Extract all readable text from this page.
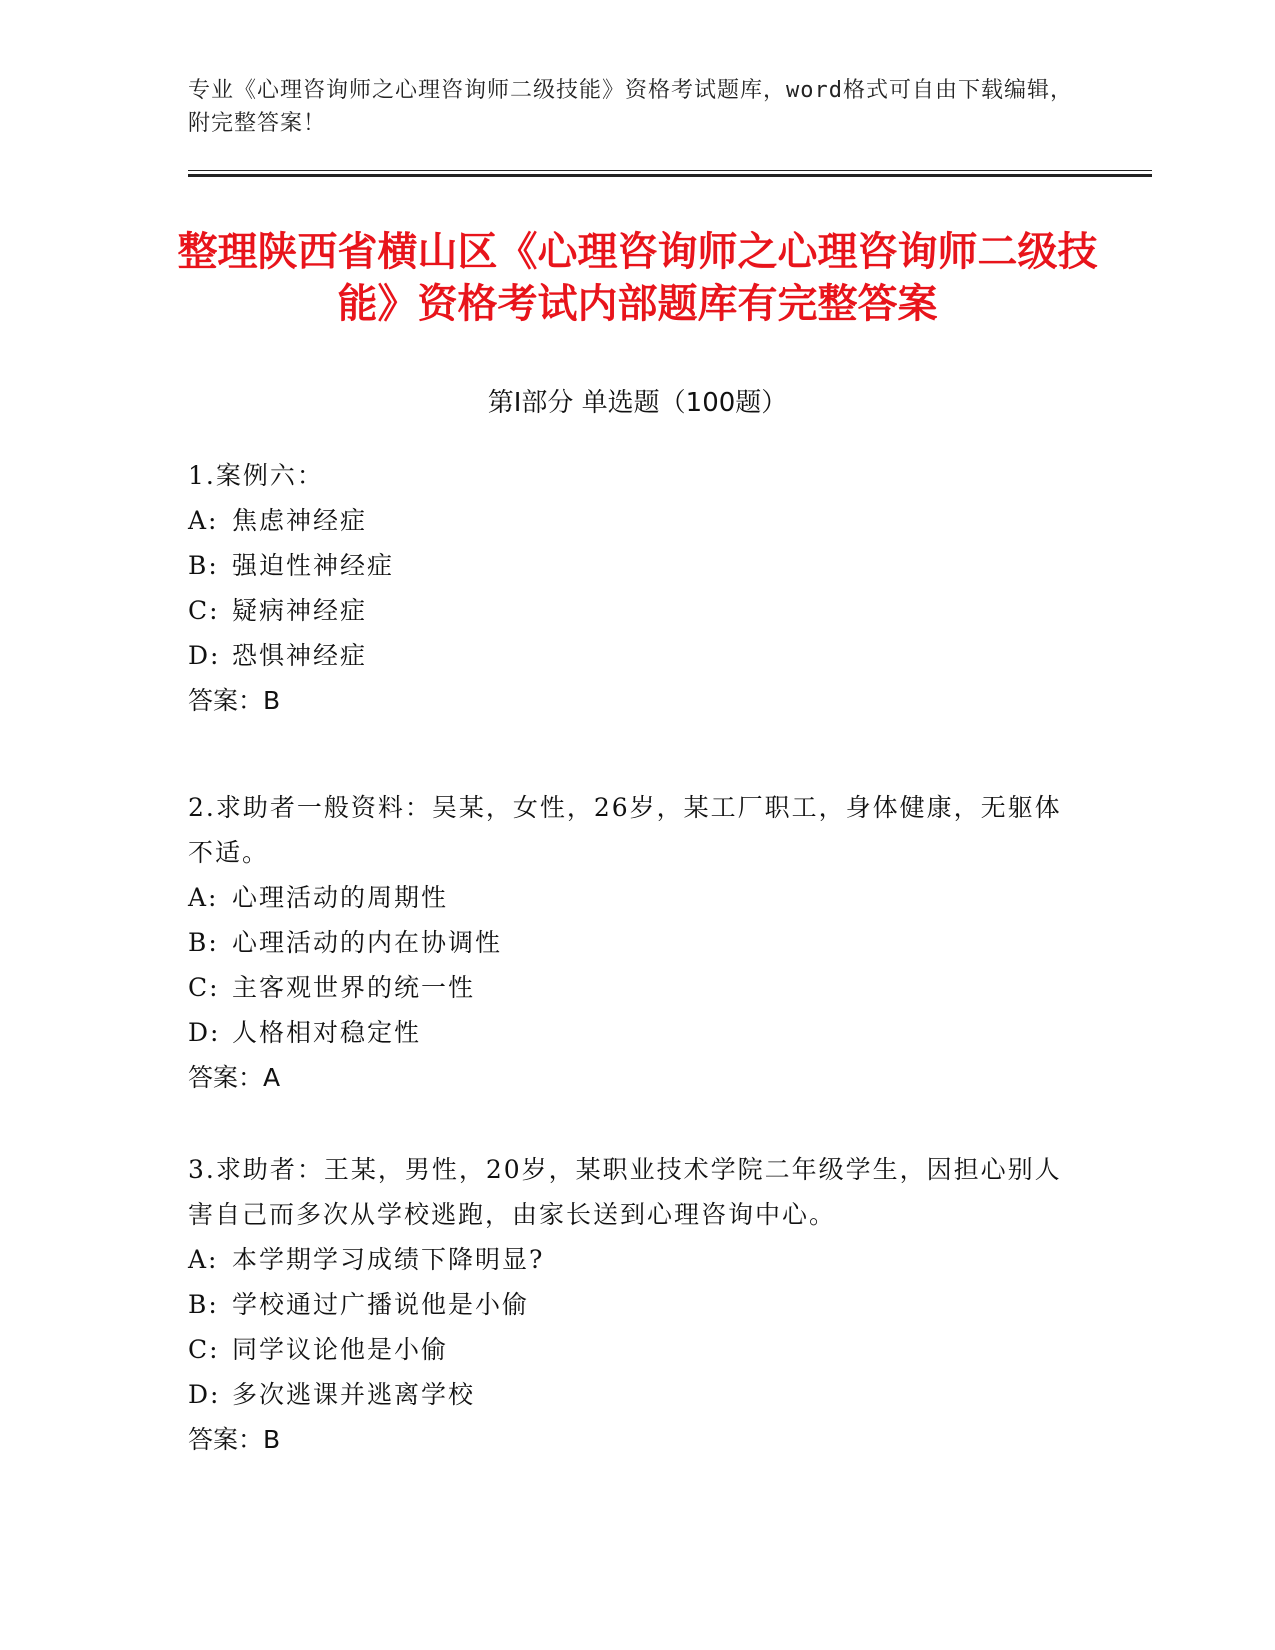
专业《心理咨询师之心理咨询师二级技能》资格考试题库，word格式可自由下载编辑，附完整答案！
整理陕西省横山区《心理咨询师之心理咨询师二级技能》资格考试内部题库有完整答案
第Ⅰ部分 单选题（100题）

1.案例六：

A: 焦虑神经症

B: 强迫性神经症

C: 疑病神经症

D: 恐惧神经症

答案：B

2.求助者一般资料：吴某，女性，26岁，某工厂职工，身体健康，无躯体不适。

A: 心理活动的周期性

B: 心理活动的内在协调性

C: 主客观世界的统一性

D: 人格相对稳定性

答案：A

3.求助者：王某，男性，20岁，某职业技术学院二年级学生，因担心别人害自己而多次从学校逃跑，由家长送到心理咨询中心。

A: 本学期学习成绩下降明显?

B: 学校通过广播说他是小偷

C: 同学议论他是小偷

D: 多次逃课并逃离学校

答案：B
